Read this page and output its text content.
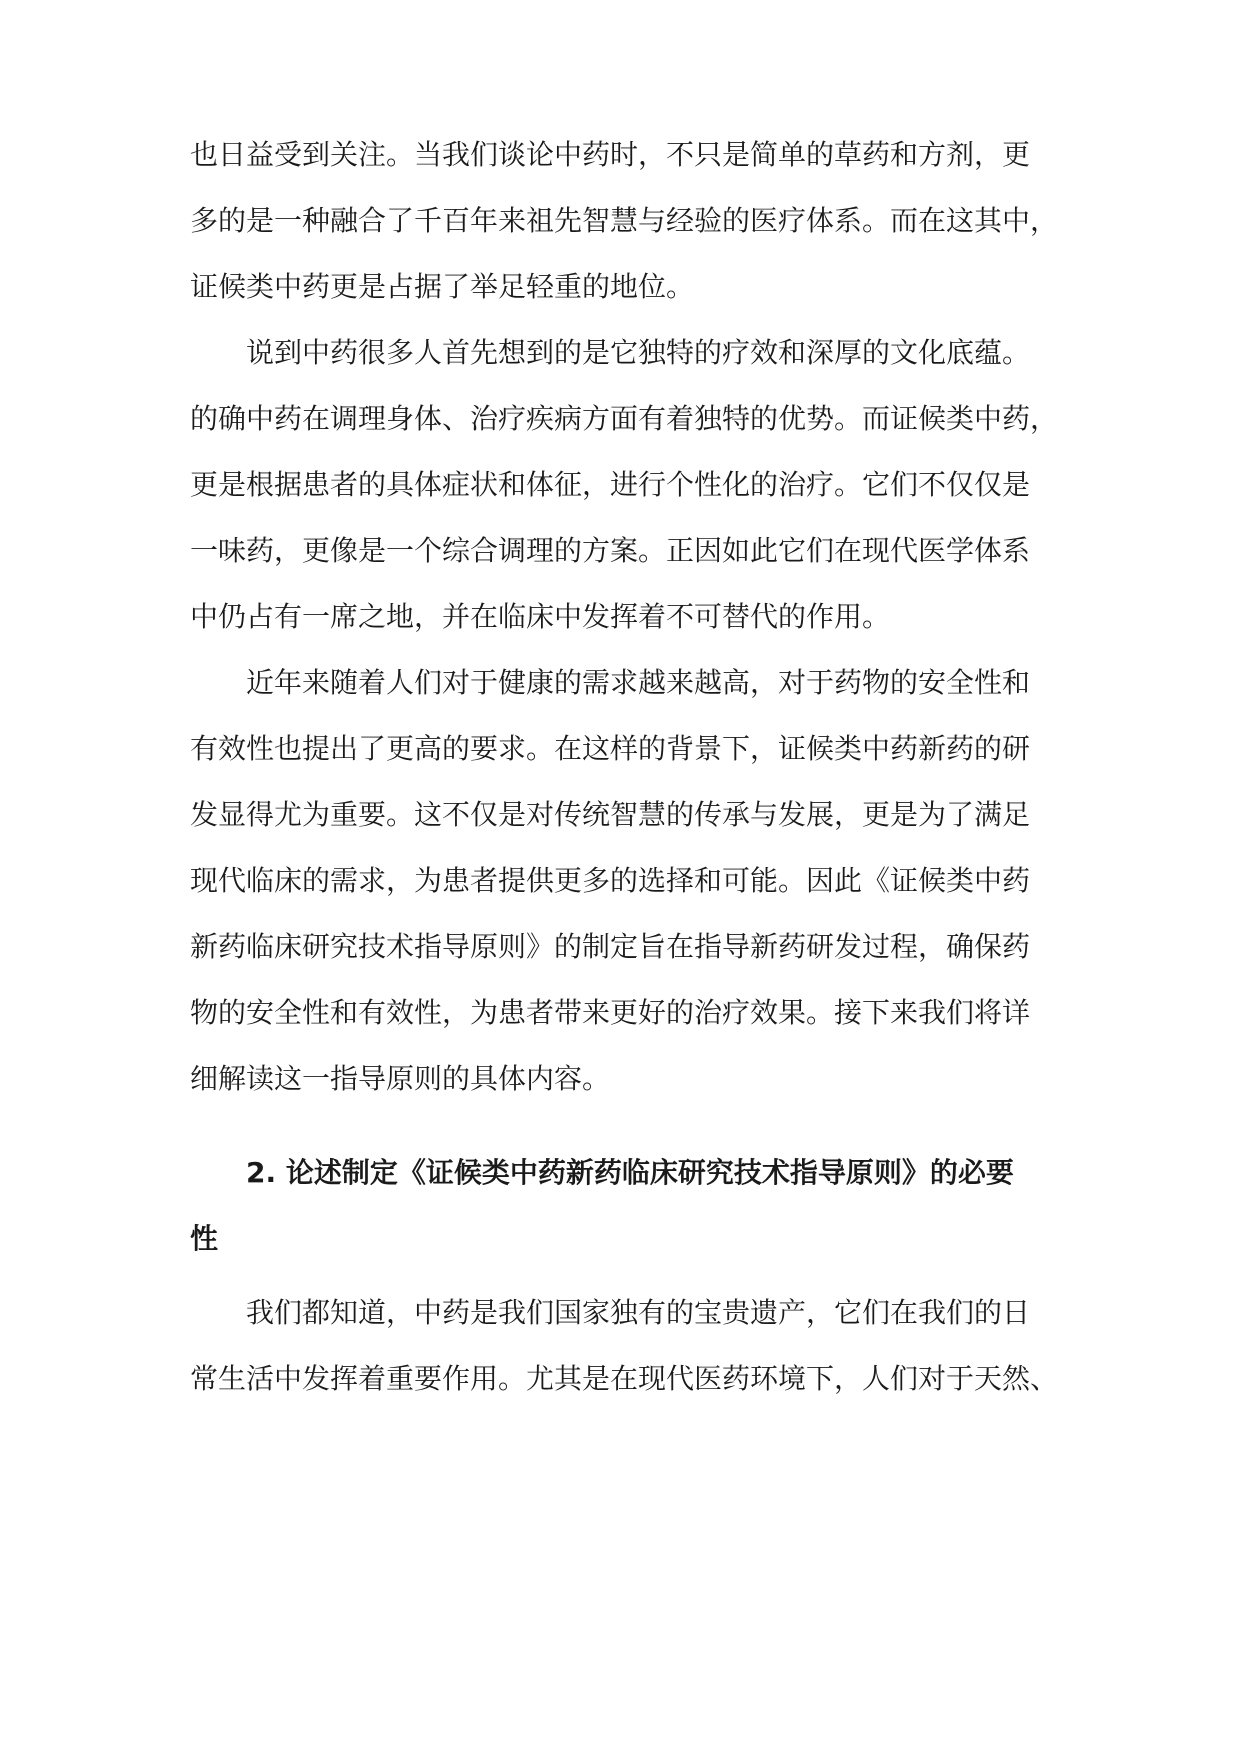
也日益受到关注。当我们谈论中药时，不只是简单的草药和方剂，更
多的是一种融合了千百年来祖先智慧与经验的医疗体系。而在这其中，
证候类中药更是占据了举足轻重的地位。
说到中药很多人首先想到的是它独特的疗效和深厚的文化底蕴。
的确中药在调理身体、治疗疾病方面有着独特的优势。而证候类中药，
更是根据患者的具体症状和体征，进行个性化的治疗。它们不仅仅是
一味药，更像是一个综合调理的方案。正因如此它们在现代医学体系
中仍占有一席之地，并在临床中发挥着不可替代的作用。
近年来随着人们对于健康的需求越来越高，对于药物的安全性和
有效性也提出了更高的要求。在这样的背景下，证候类中药新药的研
发显得尤为重要。这不仅是对传统智慧的传承与发展，更是为了满足
现代临床的需求，为患者提供更多的选择和可能。因此《证候类中药
新药临床研究技术指导原则》的制定旨在指导新药研发过程，确保药
物的安全性和有效性，为患者带来更好的治疗效果。接下来我们将详
细解读这一指导原则的具体内容。
2. 论述制定《证候类中药新药临床研究技术指导原则》的必要
性
我们都知道，中药是我们国家独有的宝贵遗产，它们在我们的日
常生活中发挥着重要作用。尤其是在现代医药环境下，人们对于天然、
